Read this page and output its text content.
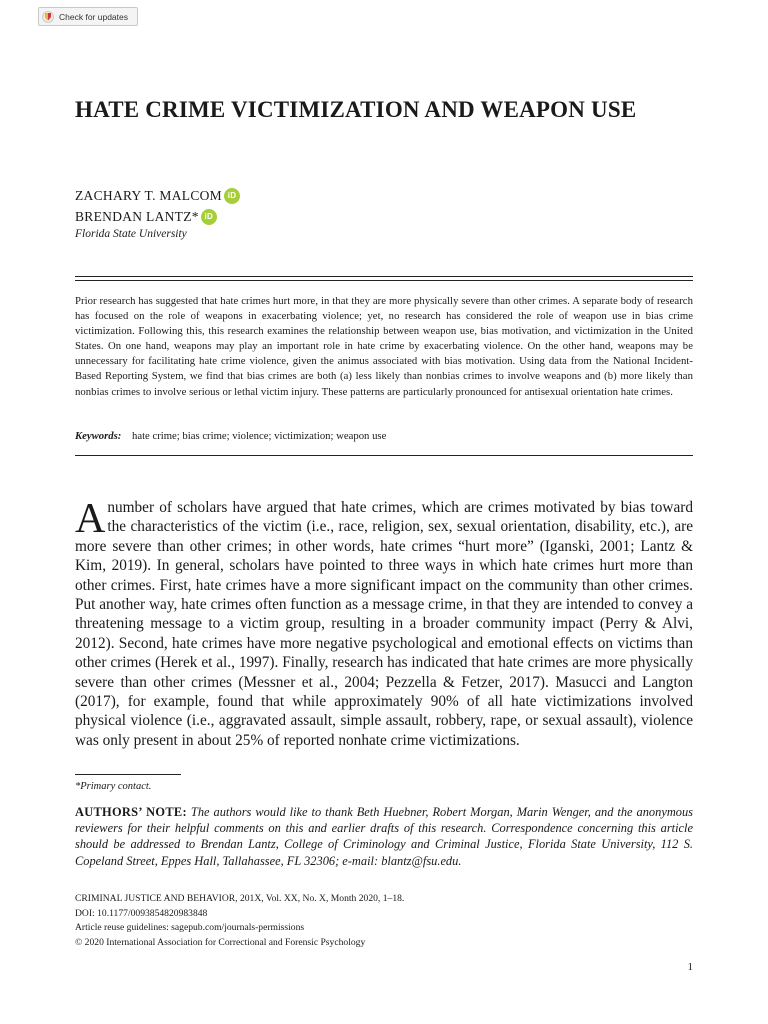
Check for updates
HATE CRIME VICTIMIZATION AND WEAPON USE
ZACHARY T. MALCOM iD
BRENDAN LANTZ * iD
Florida State University

Prior research has suggested that hate crimes hurt more, in that they are more physically severe than other crimes. A separate body of research has focused on the role of weapons in exacerbating violence; yet, no research has considered the role of weapon use in bias crime victimization. Following this, this research examines the relationship between weapon use, bias motivation, and victimization in the United States. On one hand, weapons may play an important role in hate crime by exacerbating violence. On the other hand, weapons may be unnecessary for facilitating hate crime violence, given the animus associated with bias motivation. Using data from the National Incident-Based Reporting System, we find that bias crimes are both (a) less likely than nonbias crimes to involve weapons and (b) more likely than nonbias crimes to involve serious or lethal victim injury. These patterns are particularly pronounced for antisexual orientation hate crimes.

Keywords: hate crime; bias crime; violence; victimization; weapon use

A number of scholars have argued that hate crimes, which are crimes motivated by bias toward the characteristics of the victim (i.e., race, religion, sex, sexual orientation, disability, etc.), are more severe than other crimes; in other words, hate crimes “hurt more” (Iganski, 2001; Lantz & Kim, 2019). In general, scholars have pointed to three ways in which hate crimes hurt more than other crimes. First, hate crimes have a more significant impact on the community than other crimes. Put another way, hate crimes often function as a message crime, in that they are intended to convey a threatening message to a victim group, resulting in a broader community impact (Perry & Alvi, 2012). Second, hate crimes have more negative psychological and emotional effects on victims than other crimes (Herek et al., 1997). Finally, research has indicated that hate crimes are more physically severe than other crimes (Messner et al., 2004; Pezzella & Fetzer, 2017). Masucci and Langton (2017), for example, found that while approximately 90% of all hate victimizations involved physical violence (i.e., aggravated assault, simple assault, robbery, rape, or sexual assault), violence was only present in about 25% of reported nonhate crime victimizations.

*Primary contact.

AUTHORS’ NOTE: The authors would like to thank Beth Huebner, Robert Morgan, Marin Wenger, and the anonymous reviewers for their helpful comments on this and earlier drafts of this research. Correspondence concerning this article should be addressed to Brendan Lantz, College of Criminology and Criminal Justice, Florida State University, 112 S. Copeland Street, Eppes Hall, Tallahassee, FL 32306; e-mail: blantz@fsu.edu.

CRIMINAL JUSTICE AND BEHAVIOR, 201X, Vol. XX, No. X, Month 2020, 1–18.
DOI: 10.1177/0093854820983848
Article reuse guidelines: sagepub.com/journals-permissions
© 2020 International Association for Correctional and Forensic Psychology
1
